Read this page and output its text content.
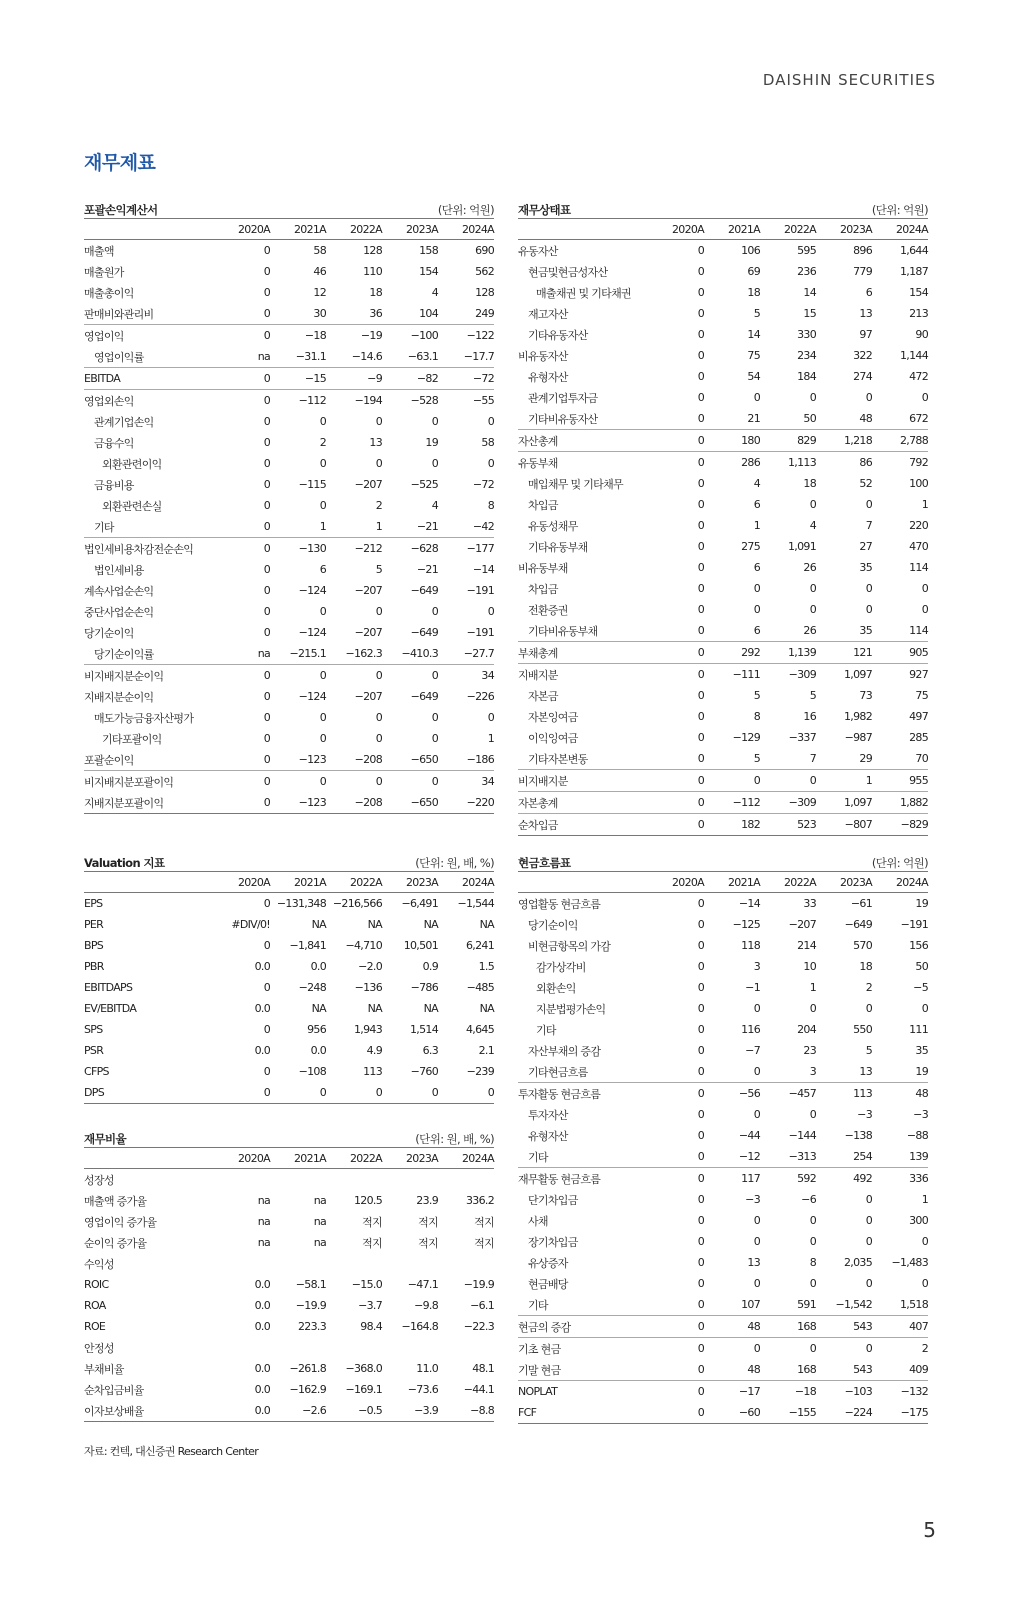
DAISHIN SECURITIES
재무제표
포괄손익계산서	(단위: 억원)
2020A	2021A	2022A	2023A	2024A
매출액	0	58	128	158	690
매출원가	0	46	110	154	562
매출총이익	0	12	18	4	128
판매비와관리비	0	30	36	104	249
영업이익	0	−18	−19	−100	−122
영업이익률	na	−31.1	−14.6	−63.1	−17.7
EBITDA	0	−15	−9	−82	−72
영업외손익	0	−112	−194	−528	−55
관계기업손익	0	0	0	0	0
금융수익	0	2	13	19	58
외환관련이익	0	0	0	0	0
금융비용	0	−115	−207	−525	−72
외환관련손실	0	0	2	4	8
기타	0	1	1	−21	−42
법인세비용차감전순손익	0	−130	−212	−628	−177
법인세비용	0	6	5	−21	−14
계속사업순손익	0	−124	−207	−649	−191
중단사업순손익	0	0	0	0	0
당기순이익	0	−124	−207	−649	−191
당기순이익률	na	−215.1	−162.3	−410.3	−27.7
비지배지분순이익	0	0	0	0	34
지배지분순이익	0	−124	−207	−649	−226
매도가능금융자산평가	0	0	0	0	0
기타포괄이익	0	0	0	0	1
포괄순이익	0	−123	−208	−650	−186
비지배지분포괄이익	0	0	0	0	34
지배지분포괄이익	0	−123	−208	−650	−220
재무상태표	(단위: 억원)
2020A	2021A	2022A	2023A	2024A
유동자산	0	106	595	896	1,644
현금및현금성자산	0	69	236	779	1,187
매출채권 및 기타채권	0	18	14	6	154
재고자산	0	5	15	13	213
기타유동자산	0	14	330	97	90
비유동자산	0	75	234	322	1,144
유형자산	0	54	184	274	472
관계기업투자금	0	0	0	0	0
기타비유동자산	0	21	50	48	672
자산총계	0	180	829	1,218	2,788
유동부채	0	286	1,113	86	792
매입채무 및 기타채무	0	4	18	52	100
차입금	0	6	0	0	1
유동성채무	0	1	4	7	220
기타유동부채	0	275	1,091	27	470
비유동부채	0	6	26	35	114
차입금	0	0	0	0	0
전환증권	0	0	0	0	0
기타비유동부채	0	6	26	35	114
부채총계	0	292	1,139	121	905
지배지분	0	−111	−309	1,097	927
자본금	0	5	5	73	75
자본잉여금	0	8	16	1,982	497
이익잉여금	0	−129	−337	−987	285
기타자본변동	0	5	7	29	70
비지배지분	0	0	0	1	955
자본총계	0	−112	−309	1,097	1,882
순차입금	0	182	523	−807	−829
Valuation 지표	(단위: 원, 배, %)
2020A	2021A	2022A	2023A	2024A
EPS	0 −131,348 −216,566	−6,491	−1,544
PER	#DIV/0!	NA	NA	NA	NA
BPS	0	−1,841	−4,710	10,501	6,241
PBR	0.0	0.0	−2.0	0.9	1.5
EBITDAPS	0	−248	−136	−786	−485
EV/EBITDA	0.0	NA	NA	NA	NA
SPS	0	956	1,943	1,514	4,645
PSR	0.0	0.0	4.9	6.3	2.1
CFPS	0	−108	113	−760	−239
DPS	0	0	0	0	0
재무비율	(단위: 원, 배, %)
2020A	2021A	2022A	2023A	2024A
성장성
매출액 증가율	na	na	120.5	23.9	336.2
영업이익 증가율	na	na	적지	적지	적지
순이익 증가율	na	na	적지	적지	적지
수익성
ROIC	0.0	−58.1	−15.0	−47.1	−19.9
ROA	0.0	−19.9	−3.7	−9.8	−6.1
ROE	0.0	223.3	98.4	−164.8	−22.3
안정성
부채비율	0.0	−261.8	−368.0	11.0	48.1
순차입금비율	0.0	−162.9	−169.1	−73.6	−44.1
이자보상배율	0.0	−2.6	−0.5	−3.9	−8.8
현금흐름표	(단위: 억원)
2020A	2021A	2022A	2023A	2024A
영업활동 현금흐름	0	−14	33	−61	19
당기순이익	0	−125	−207	−649	−191
비현금항목의 가감	0	118	214	570	156
감가상각비	0	3	10	18	50
외환손익	0	−1	1	2	−5
지분법평가손익	0	0	0	0	0
기타	0	116	204	550	111
자산부채의 증감	0	−7	23	5	35
기타현금흐름	0	0	3	13	19
투자활동 현금흐름	0	−56	−457	113	48
투자자산	0	0	0	−3	−3
유형자산	0	−44	−144	−138	−88
기타	0	−12	−313	254	139
재무활동 현금흐름	0	117	592	492	336
단기차입금	0	−3	−6	0	1
사채	0	0	0	0	300
장기차입금	0	0	0	0	0
유상증자	0	13	8	2,035	−1,483
현금배당	0	0	0	0	0
기타	0	107	591	−1,542	1,518
현금의 증감	0	48	168	543	407
기초 현금	0	0	0	0	2
기말 현금	0	48	168	543	409
NOPLAT	0	−17	−18	−103	−132
FCF	0	−60	−155	−224	−175
자료: 컨텍, 대신증권 Research Center
5
